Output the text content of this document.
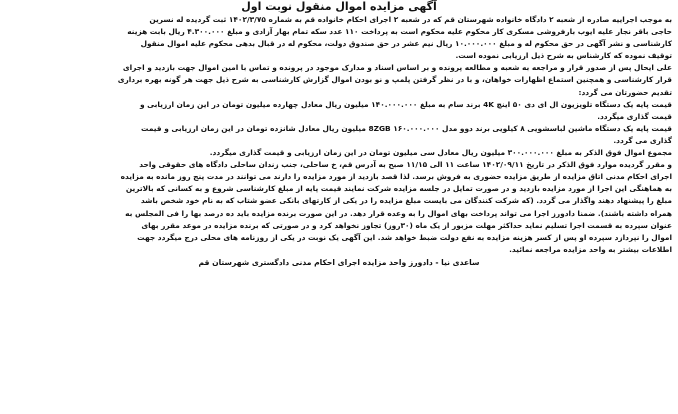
آگهی مزایده اموال منقول نوبت اول
به موجب اجراییه صادره از شعبه ۲ دادگاه خانواده شهرستان قم که در شعبه ۲ اجرای احکام خانواده قم به شماره ۱۴۰۲/۳/۷۵ ثبت گردیده له نسرین
حاجی باقر نجار علیه ایوب بارفروشی مسکری کار محکوم علیه محکوم است به پرداخت ۱۱۰ عدد سکه تمام بهار آزادی و مبلغ ۴.۳۰۰.۰۰۰ ریال بابت هزینه
کارشناسی و نشر آگهی در حق محکوم له و مبلغ ۱۰.۰۰۰.۰۰۰ ریال نیم عشر در حق صندوق دولت، محکوم له در قبال بدهی محکوم علیه اموال منقول
توقیف نموده که کارشناس به شرح ذیل ارزیابی نموده است.
علی ایحال پس از صدور قرار و مراجعه به شعبه و مطالعه پرونده و بر اساس اسناد و مدارک موجود در پرونده و تماس با امین اموال جهت بازدید و اجرای
قرار کارشناسی و همچنین استماع اظهارات خواهان، و با در نظر گرفتن پلمپ و نو بودن اموال گزارش کارشناسی به شرح ذیل جهت هر گونه بهره برداری
تقدیم حضورتان می گردد:
قیمت پایه یک دستگاه تلویزیون ال ای دی ۵۰ اینچ 4K برند سام به مبلغ ۱۴۰.۰۰۰.۰۰۰ میلیون ریال معادل چهارده میلیون تومان در این زمان ارزیابی و
قیمت گذاری میگردد.
قیمت پایه یک دستگاه ماشین لباسشویی ۸ کیلویی برند دوو مدل 8ZGB ۱۶۰.۰۰۰.۰۰۰ میلیون ریال معادل شانزده تومان در این زمان ارزیابی و قیمت
گذاری می گردد.
مجموع اموال فوق الذکر به مبلغ ۳۰۰.۰۰۰.۰۰۰ میلیون ریال معادل سی میلیون تومان در این زمان ارزیابی و قیمت گذاری میگردد.
و مقرر گردیده موارد فوق الذکر در تاریخ ۱۴۰۲/۰۹/۱۱ ساعت ۱۱ الی ۱۱/۱۵ صبح به آدرس قم، خ ساحلی، جنب زندان ساحلی دادگاه های حقوقی واحد
اجرای احکام مدنی اتاق مزایده از طریق مزایده حضوری به فروش برسد. لذا قصد بازدید از مورد مزایده را دارند می توانند در مدت پنج روز مانده به مزایده
به هماهنگی این اجرا از مورد مزایده بازدید و در صورت تمایل در جلسه مزایده شرکت نمایند قیمت پایه از مبلغ کارشناسی شروع و به کسانی که بالاترین
مبلغ را پیشنهاد دهند واگذار می گردد. (که شرکت کنندگان می بایست مبلغ مزایده را در یکی از کارتهای بانکی عضو شتاب که به نام خود شخص باشد
همراه داشته باشند). ضمنا دادورز اجرا می تواند پرداخت بهای اموال را به وعده قرار دهد. در این صورت برنده مزایده باید ده درصد بها را فی المجلس به
عنوان سپرده به قسمت اجرا تسلیم نماید حداکثر مهلت مزبور از یک ماه (۳۰روز) تجاوز نخواهد کرد و در صورتی که برنده مزایده در موعد مقرر بهای
اموال را نپردازد سپرده او پس از کسر هزینه مزایده به نفع دولت ضبط خواهد شد. این آگهی یک نوبت در یکی از روزنامه های محلی درج میگردد جهت
اطلاعات بیشتر به واحد مزایده مراجعه نمائید.
ساعدی نیا - دادورز واحد مزایده اجرای احکام مدنی دادگستری شهرستان قم
